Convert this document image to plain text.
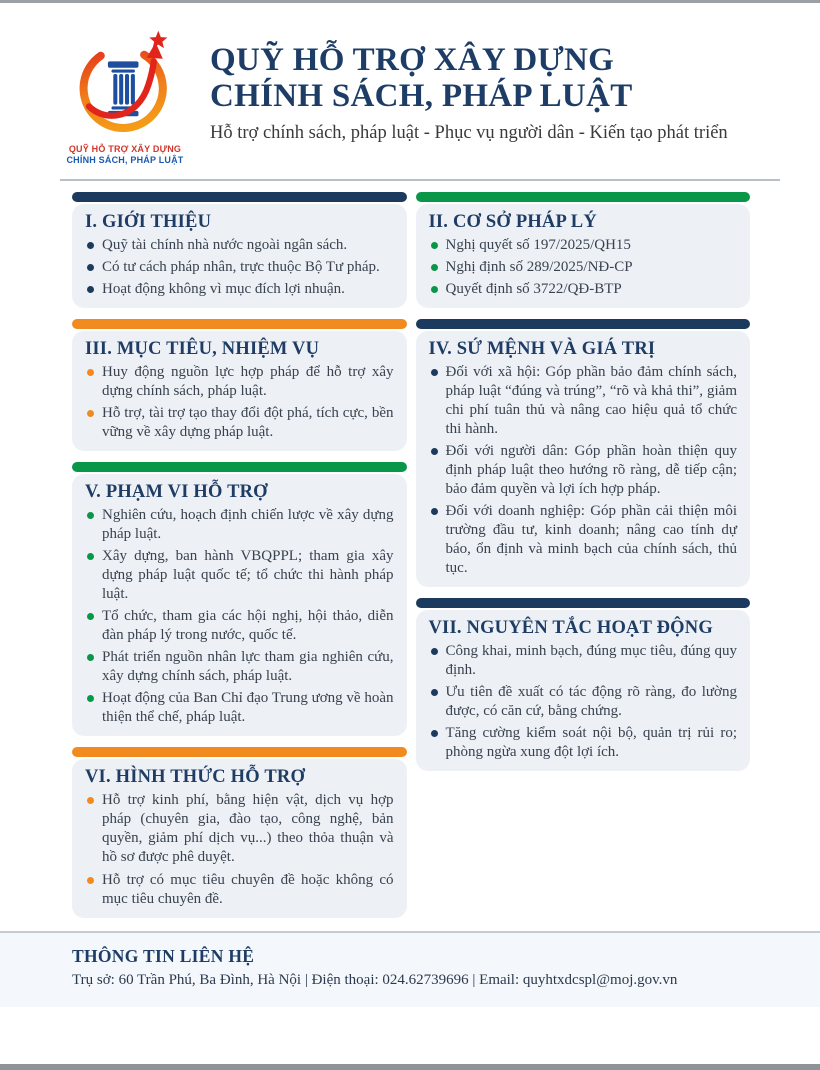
QUỸ HỖ TRỢ XÂY DỰNG
CHÍNH SÁCH, PHÁP LUẬT
QUỸ HỖ TRỢ XÂY DỰNG
CHÍNH SÁCH, PHÁP LUẬT
Hỗ trợ chính sách, pháp luật - Phục vụ người dân - Kiến tạo phát triển
I. GIỚI THIỆU
Quỹ tài chính nhà nước ngoài ngân sách.
Có tư cách pháp nhân, trực thuộc Bộ Tư pháp.
Hoạt động không vì mục đích lợi nhuận.
III. MỤC TIÊU, NHIỆM VỤ
Huy động nguồn lực hợp pháp để hỗ trợ xây dựng chính sách, pháp luật.
Hỗ trợ, tài trợ tạo thay đổi đột phá, tích cực, bền vững về xây dựng pháp luật.
V. PHẠM VI HỖ TRỢ
Nghiên cứu, hoạch định chiến lược về xây dựng pháp luật.
Xây dựng, ban hành VBQPPL; tham gia xây dựng pháp luật quốc tế; tổ chức thi hành pháp luật.
Tổ chức, tham gia các hội nghị, hội thảo, diễn đàn pháp lý trong nước, quốc tế.
Phát triển nguồn nhân lực tham gia nghiên cứu, xây dựng chính sách, pháp luật.
Hoạt động của Ban Chỉ đạo Trung ương về hoàn thiện thể chế, pháp luật.
VI. HÌNH THỨC HỖ TRỢ
Hỗ trợ kinh phí, bằng hiện vật, dịch vụ hợp pháp (chuyên gia, đào tạo, công nghệ, bản quyền, giảm phí dịch vụ...) theo thỏa thuận và hồ sơ được phê duyệt.
Hỗ trợ có mục tiêu chuyên đề hoặc không có mục tiêu chuyên đề.
II. CƠ SỞ PHÁP LÝ
Nghị quyết số 197/2025/QH15
Nghị định số 289/2025/NĐ-CP
Quyết định số 3722/QĐ-BTP
IV. SỨ MỆNH VÀ GIÁ TRỊ
Đối với xã hội: Góp phần bảo đảm chính sách, pháp luật “đúng và trúng”, “rõ và khả thi”, giảm chi phí tuân thủ và nâng cao hiệu quả tổ chức thi hành.
Đối với người dân: Góp phần hoàn thiện quy định pháp luật theo hướng rõ ràng, dễ tiếp cận; bảo đảm quyền và lợi ích hợp pháp.
Đối với doanh nghiệp: Góp phần cải thiện môi trường đầu tư, kinh doanh; nâng cao tính dự báo, ổn định và minh bạch của chính sách, thủ tục.
VII. NGUYÊN TẮC HOẠT ĐỘNG
Công khai, minh bạch, đúng mục tiêu, đúng quy định.
Ưu tiên đề xuất có tác động rõ ràng, đo lường được, có căn cứ, bằng chứng.
Tăng cường kiểm soát nội bộ, quản trị rủi ro; phòng ngừa xung đột lợi ích.
THÔNG TIN LIÊN HỆ
Trụ sở: 60 Trần Phú, Ba Đình, Hà Nội | Điện thoại: 024.62739696 | Email: quyhtxdcspl@moj.gov.vn
